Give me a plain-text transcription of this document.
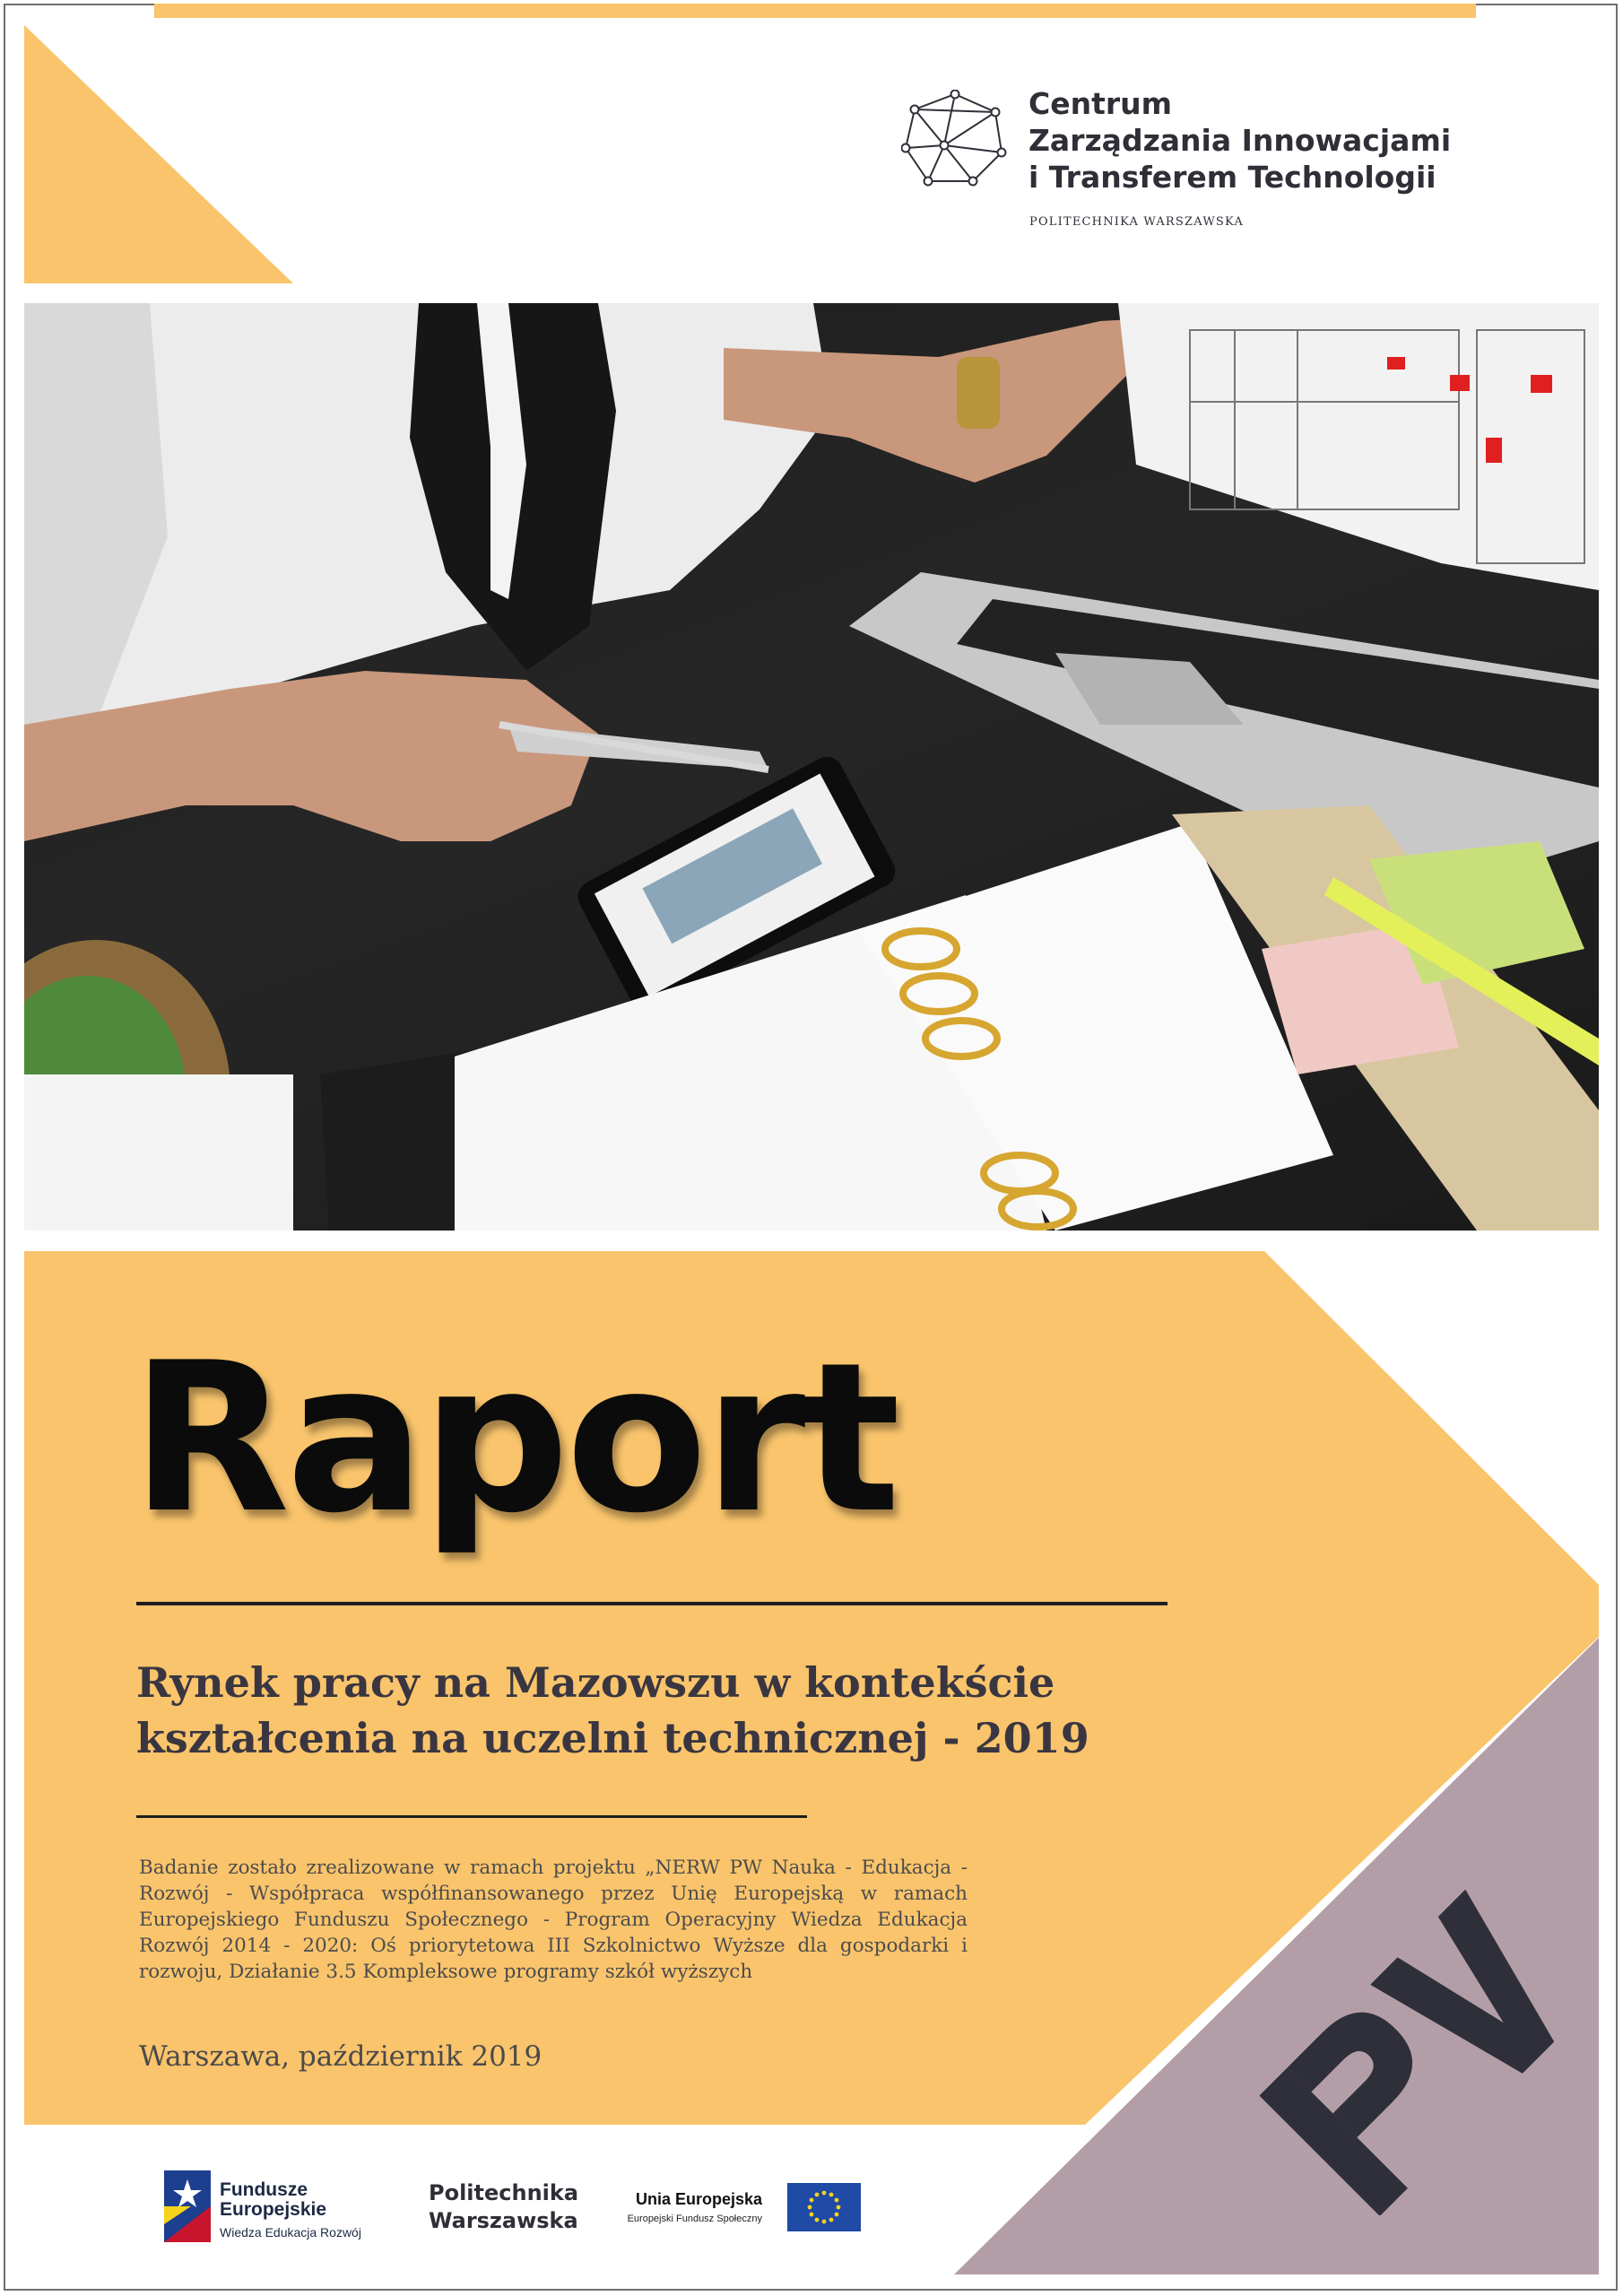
Centrum
Zarządzania Innowacjami
i Transferem Technologii

POLITECHNIKA WARSZAWSKA
Raport
Rynek pracy na Mazowszu w kontekście
kształcenia na uczelni technicznej - 2019

Badanie zostało zrealizowane w ramach projektu „NERW PW Nauka - Edukacja - Rozwój - Współpraca współfinansowanego przez Unię Europejską w ramach Europejskiego Funduszu Społecznego - Program Operacyjny Wiedza Edukacja Rozwój 2014 - 2020: Oś priorytetowa III Szkolnictwo Wyższe dla gospodarki i rozwoju, Działanie 3.5 Kompleksowe programy szkół wyższych

Warszawa, październik 2019
Fundusze
Europejskie
Wiedza Edukacja Rozwój
Politechnika
Warszawska
Unia Europejska
Europejski Fundusz Społeczny
